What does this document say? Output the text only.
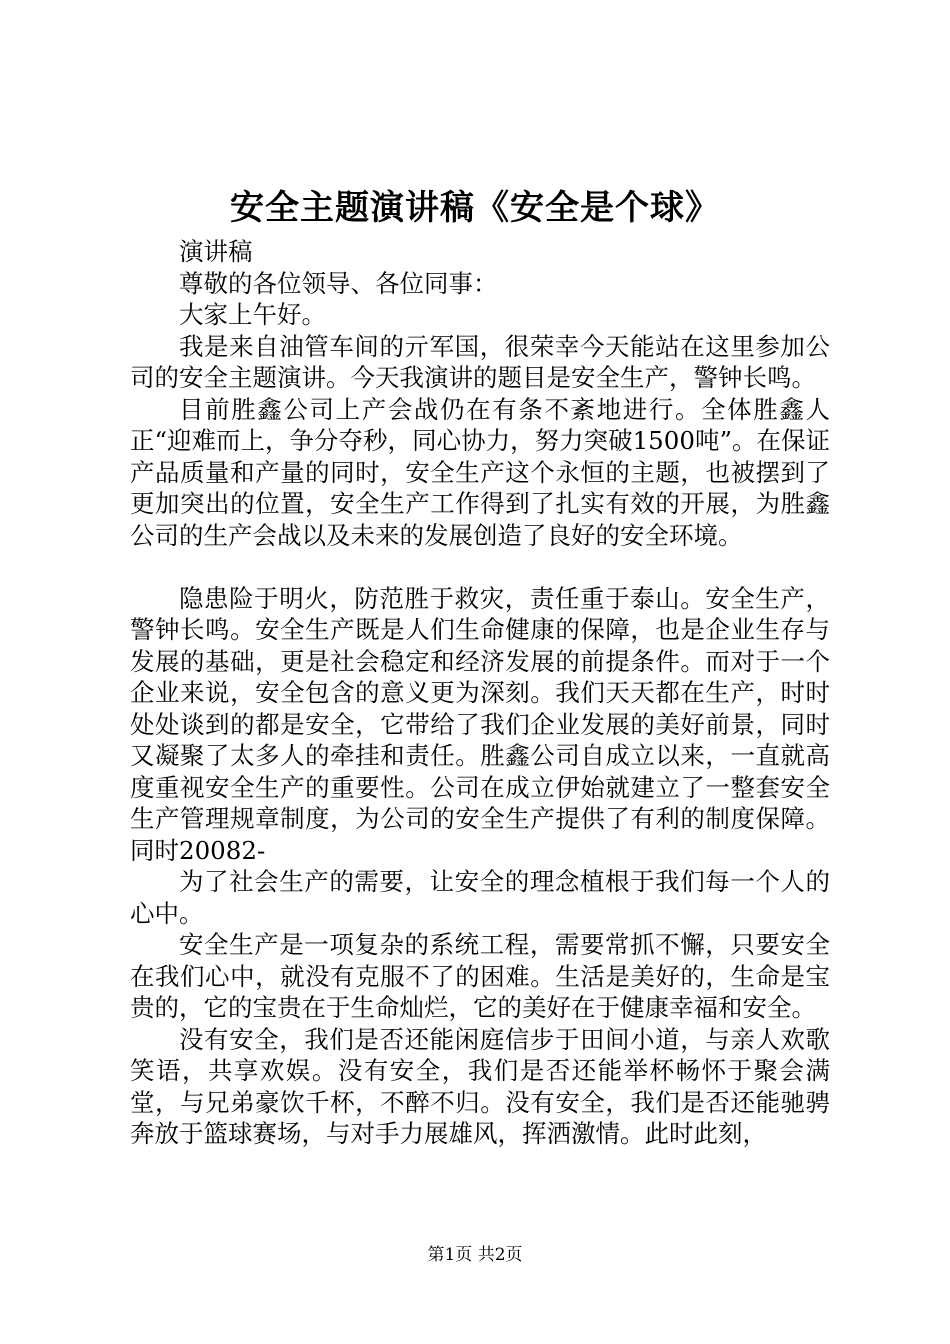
安全主题演讲稿《安全是个球》

演讲稿

尊敬的各位领导、各位同事：

大家上午好。

我是来自油管车间的亓军国，很荣幸今天能站在这里参加公司的安全主题演讲。今天我演讲的题目是安全生产，警钟长鸣。

目前胜鑫公司上产会战仍在有条不紊地进行。全体胜鑫人正“迎难而上，争分夺秒，同心协力，努力突破1500吨”。在保证产品质量和产量的同时，安全生产这个永恒的主题，也被摆到了更加突出的位置，安全生产工作得到了扎实有效的开展，为胜鑫公司的生产会战以及未来的发展创造了良好的安全环境。

隐患险于明火，防范胜于救灾，责任重于泰山。安全生产，警钟长鸣。安全生产既是人们生命健康的保障，也是企业生存与发展的基础，更是社会稳定和经济发展的前提条件。而对于一个企业来说，安全包含的意义更为深刻。我们天天都在生产，时时处处谈到的都是安全，它带给了我们企业发展的美好前景，同时又凝聚了太多人的牵挂和责任。胜鑫公司自成立以来，一直就高度重视安全生产的重要性。公司在成立伊始就建立了一整套安全生产管理规章制度，为公司的安全生产提供了有利的制度保障。同时20082-

为了社会生产的需要，让安全的理念植根于我们每一个人的心中。

安全生产是一项复杂的系统工程，需要常抓不懈，只要安全在我们心中，就没有克服不了的困难。生活是美好的，生命是宝贵的，它的宝贵在于生命灿烂，它的美好在于健康幸福和安全。

没有安全，我们是否还能闲庭信步于田间小道，与亲人欢歌笑语，共享欢娱。没有安全，我们是否还能举杯畅怀于聚会满堂，与兄弟豪饮千杯，不醉不归。没有安全，我们是否还能驰骋奔放于篮球赛场，与对手力展雄风，挥洒激情。此时此刻，

第1页 共2页
